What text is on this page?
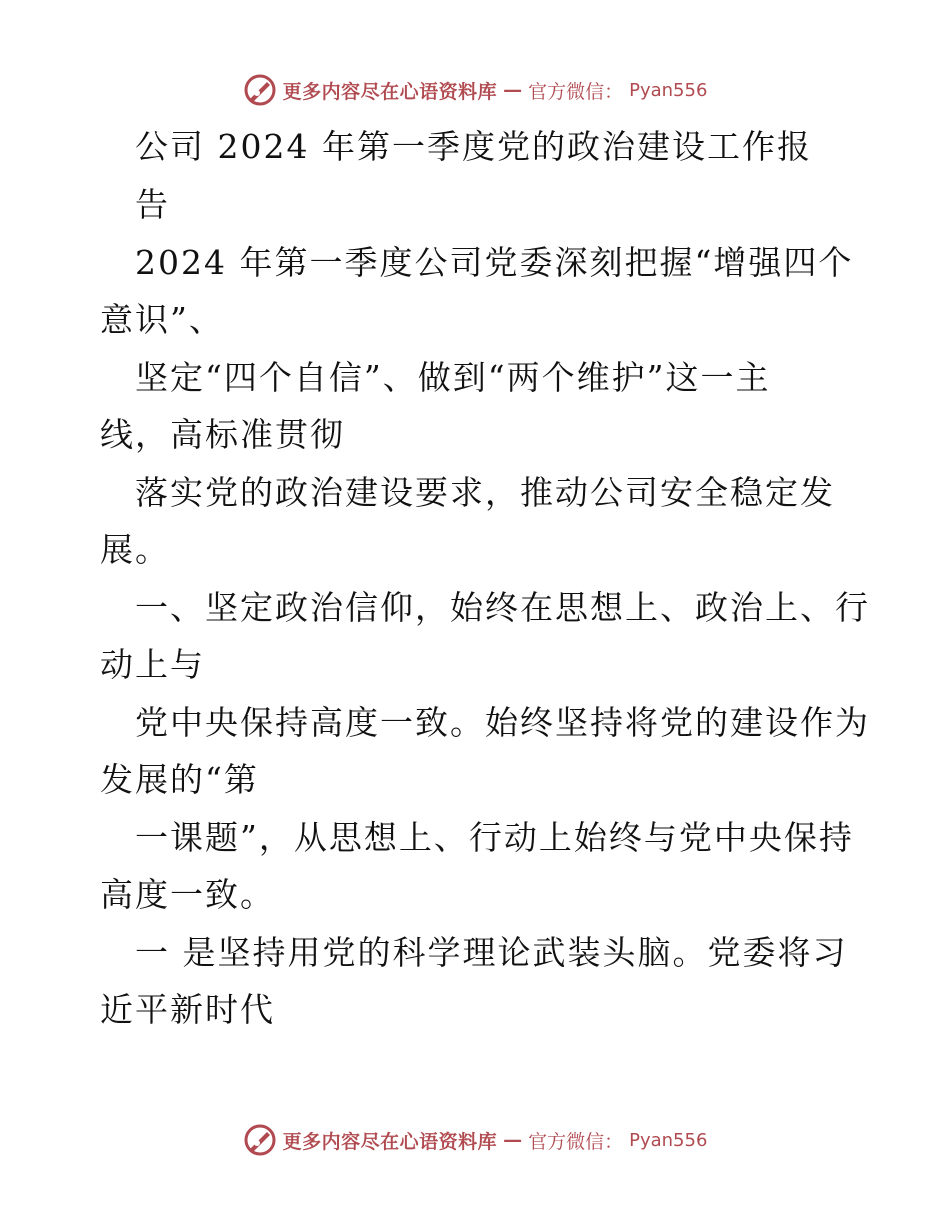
更多内容尽在心语资料库 — 官方微信： Pyan556
公司 2024 年第一季度党的政治建设工作报
告
2024 年第一季度公司党委深刻把握“增强四个
意识”、
坚定“四个自信”、做到“两个维护”这一主
线，高标准贯彻
落实党的政治建设要求，推动公司安全稳定发
展。
一、坚定政治信仰，始终在思想上、政治上、行
动上与
党中央保持高度一致。始终坚持将党的建设作为
发展的“第
一课题”，从思想上、行动上始终与党中央保持
高度一致。
一 是坚持用党的科学理论武装头脑。党委将习
近平新时代
更多内容尽在心语资料库 — 官方微信： Pyan556
